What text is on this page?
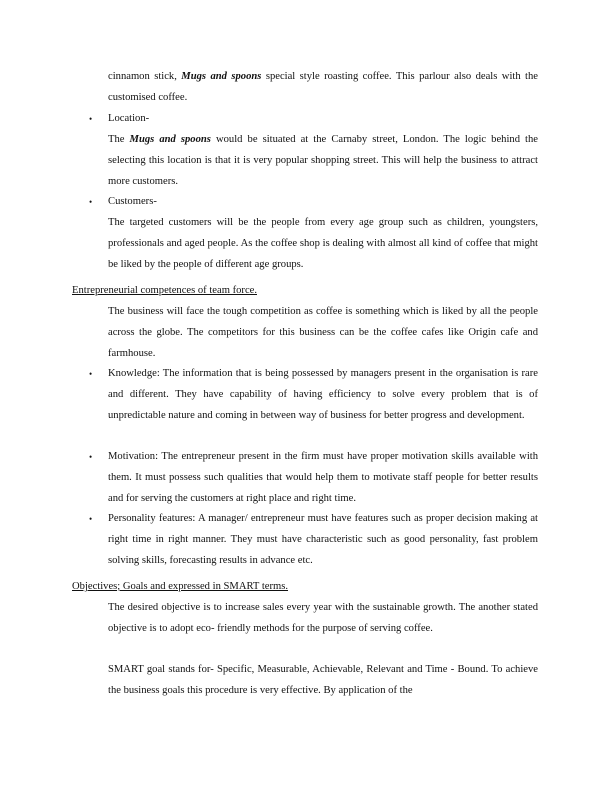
cinnamon stick, Mugs and spoons special style roasting coffee. This parlour also deals with the customised coffee.

• Location-

The Mugs and spoons would be situated at the Carnaby street, London. The logic behind the selecting this location is that it is very popular shopping street. This will help the business to attract more customers.

• Customers-

The targeted customers will be the people from every age group such as children, youngsters, professionals and aged people. As the coffee shop is dealing with almost all kind of coffee that might be liked by the people of different age groups.

Entrepreneurial competences of team force.

The business will face the tough competition as coffee is something which is liked by all the people across the globe. The competitors for this business can be the coffee cafes like Origin cafe and farmhouse.

• Knowledge: The information that is being possessed by managers present in the organisation is rare and different. They have capability of having efficiency to solve every problem that is of unpredictable nature and coming in between way of business for better progress and development.

• Motivation: The entrepreneur present in the firm must have proper motivation skills available with them. It must possess such qualities that would help them to motivate staff people for better results and for serving the customers at right place and right time.

• Personality features: A manager/ entrepreneur must have features such as proper decision making at right time in right manner. They must have characteristic such as good personality, fast problem solving skills, forecasting results in advance etc.

Objectives; Goals and expressed in SMART terms.

The desired objective is to increase sales every year with the sustainable growth. The another stated objective is to adopt eco- friendly methods for the purpose of serving coffee.

SMART goal stands for- Specific, Measurable, Achievable, Relevant and Time - Bound. To achieve the business goals this procedure is very effective. By application of the
